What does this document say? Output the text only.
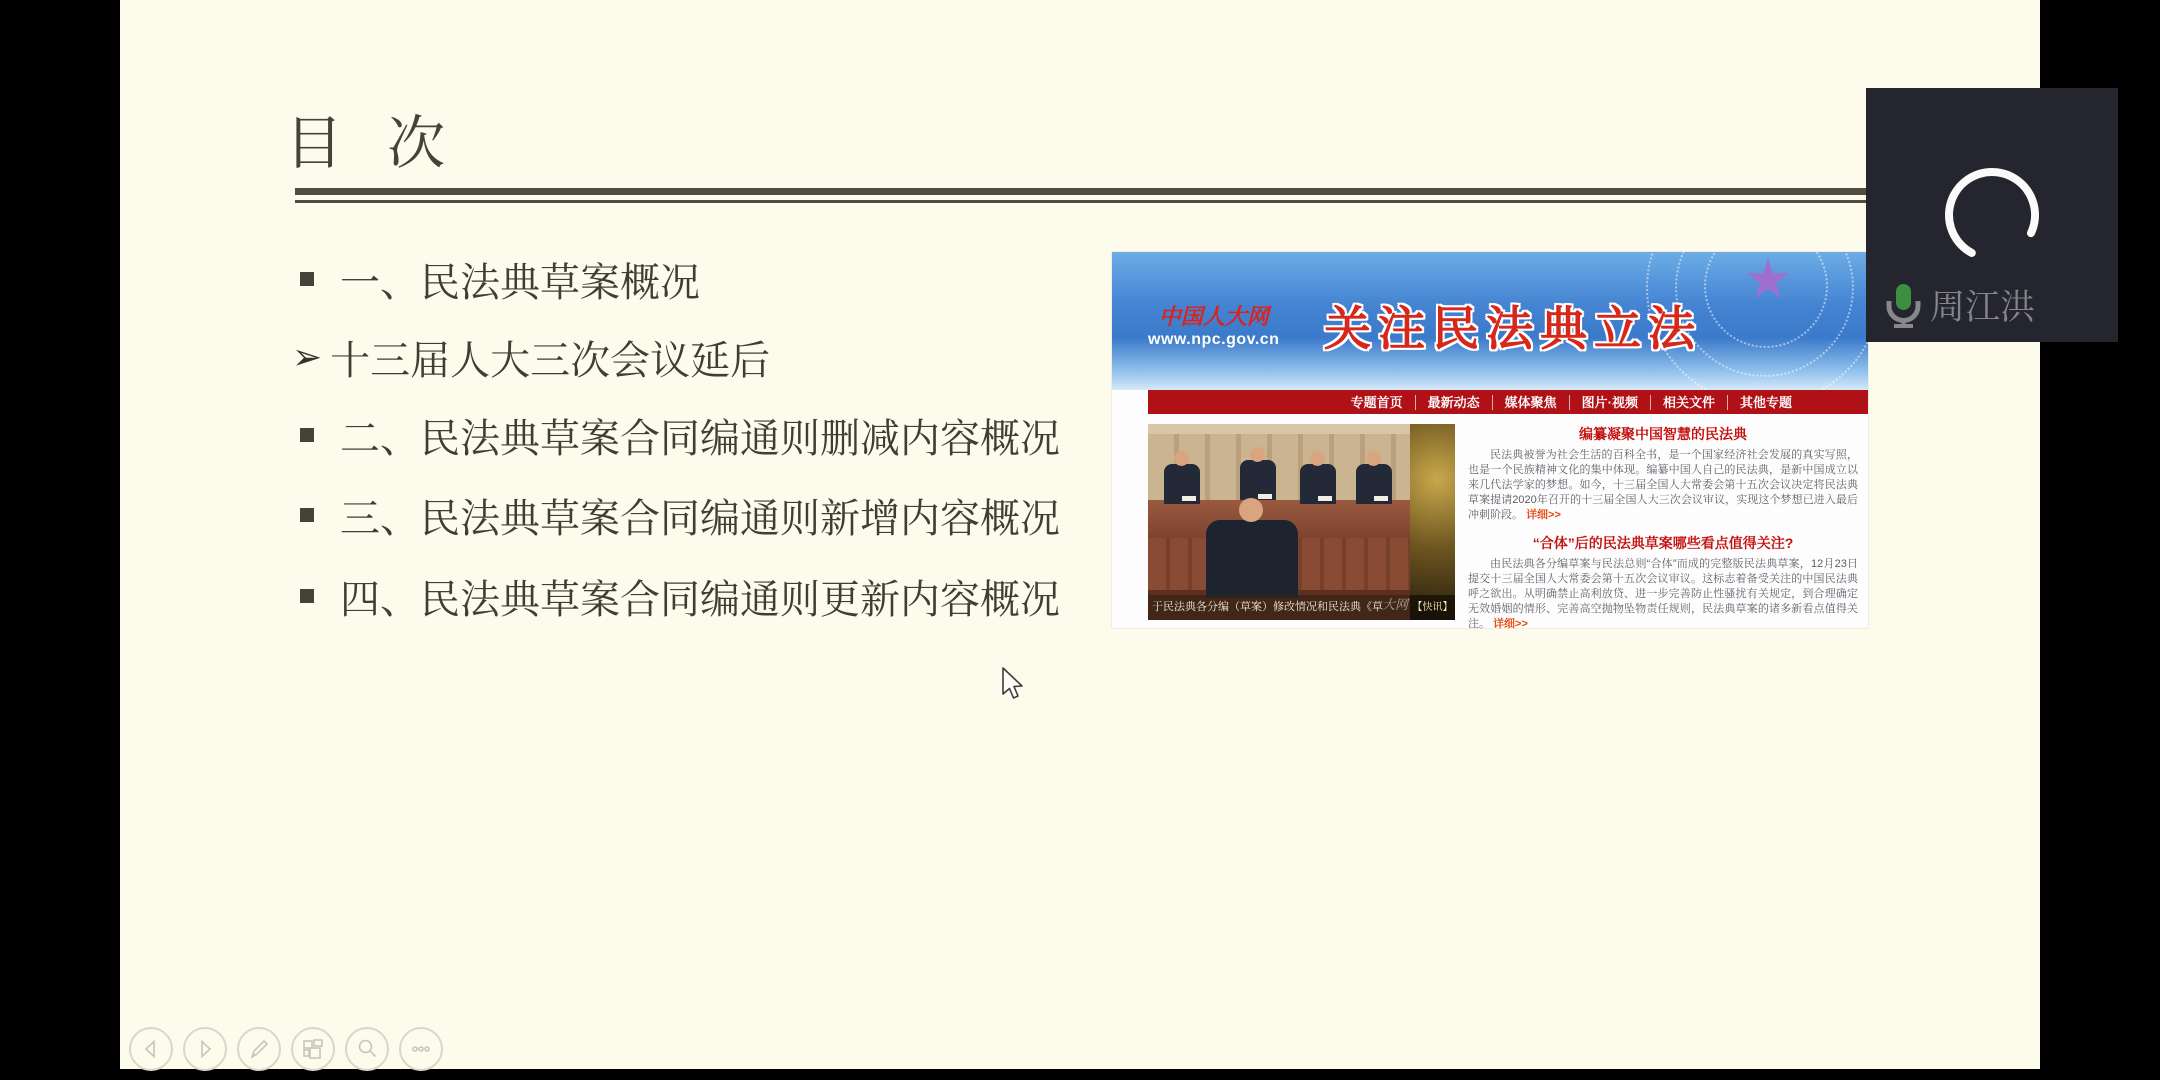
目 次
一、民法典草案概况
➢ 十三届人大三次会议延后
二、民法典草案合同编通则删减内容概况
三、民法典草案合同编通则新增内容概况
四、民法典草案合同编通则更新内容概况
中国人大网
www.npc.gov.cn 关注民法典立法
专题首页	最新动态	媒体聚焦	图片·视频	相关文件	其他专题
于民法典各分编（草案）修改情况和民法典《草
大网 【快讯】
编纂凝聚中国智慧的民法典
民法典被誉为社会生活的百科全书，是一个国家经济社会发展的真实写照，也是一个民族精神文化的集中体现。编纂中国人自己的民法典，是新中国成立以来几代法学家的梦想。如今，十三届全国人大常委会第十五次会议决定将民法典草案提请2020年召开的十三届全国人大三次会议审议，实现这个梦想已进入最后冲刺阶段。 详细>>
“合体”后的民法典草案哪些看点值得关注?
由民法典各分编草案与民法总则“合体”而成的完整版民法典草案，12月23日提交十三届全国人大常委会第十五次会议审议。这标志着备受关注的中国民法典呼之欲出。从明确禁止高利放贷、进一步完善防止性骚扰有关规定，到合理确定无效婚姻的情形、完善高空抛物坠物责任规则，民法典草案的诸多新看点值得关注。 详细>>
周江洪
